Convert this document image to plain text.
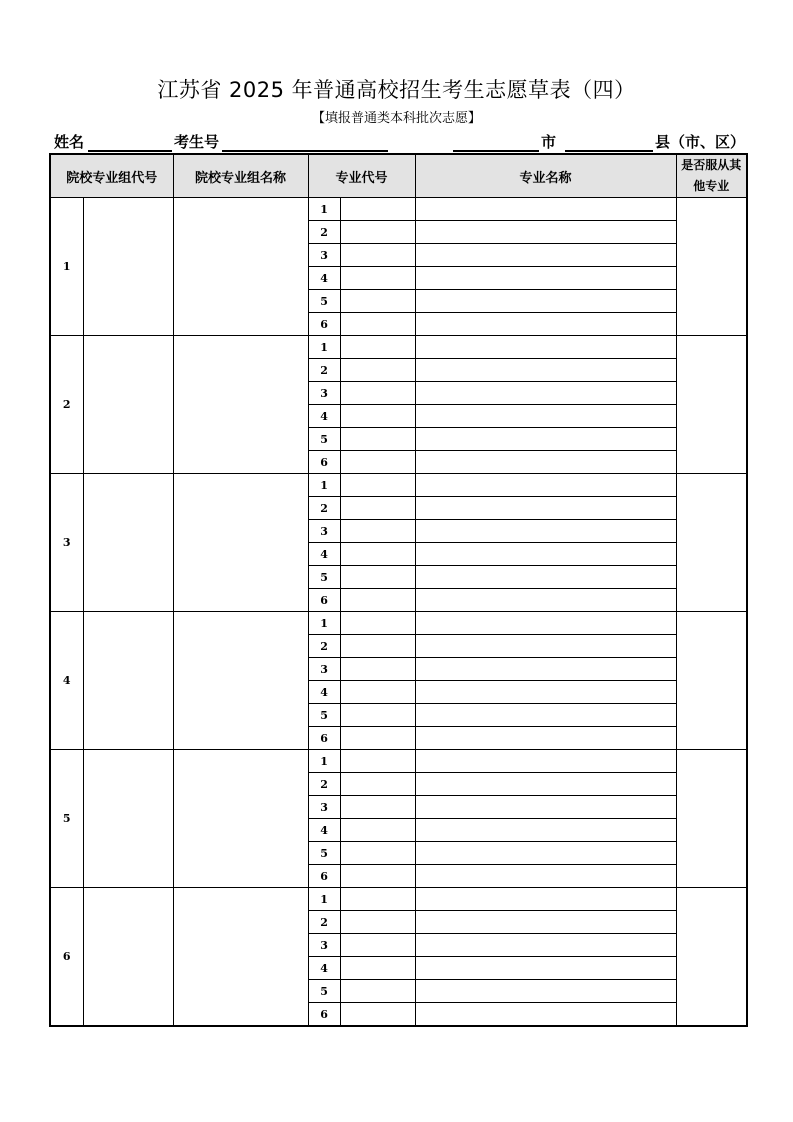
江苏省 2025 年普通高校招生考生志愿草表（四）
【填报普通类本科批次志愿】
姓名	考生号	市	县（市、区）
院校专业组代号		院校专业组名称	专业代号		专业名称	是否服从其他专业
1			1			
			2			
			3			
			4			
			5			
			6			
2			1			
			2			
			3			
			4			
			5			
			6			
3			1			
			2			
			3			
			4			
			5			
			6			
4			1			
			2			
			3			
			4			
			5			
			6			
5			1			
			2			
			3			
			4			
			5			
			6			
6			1			
			2			
			3			
			4			
			5			
			6			
